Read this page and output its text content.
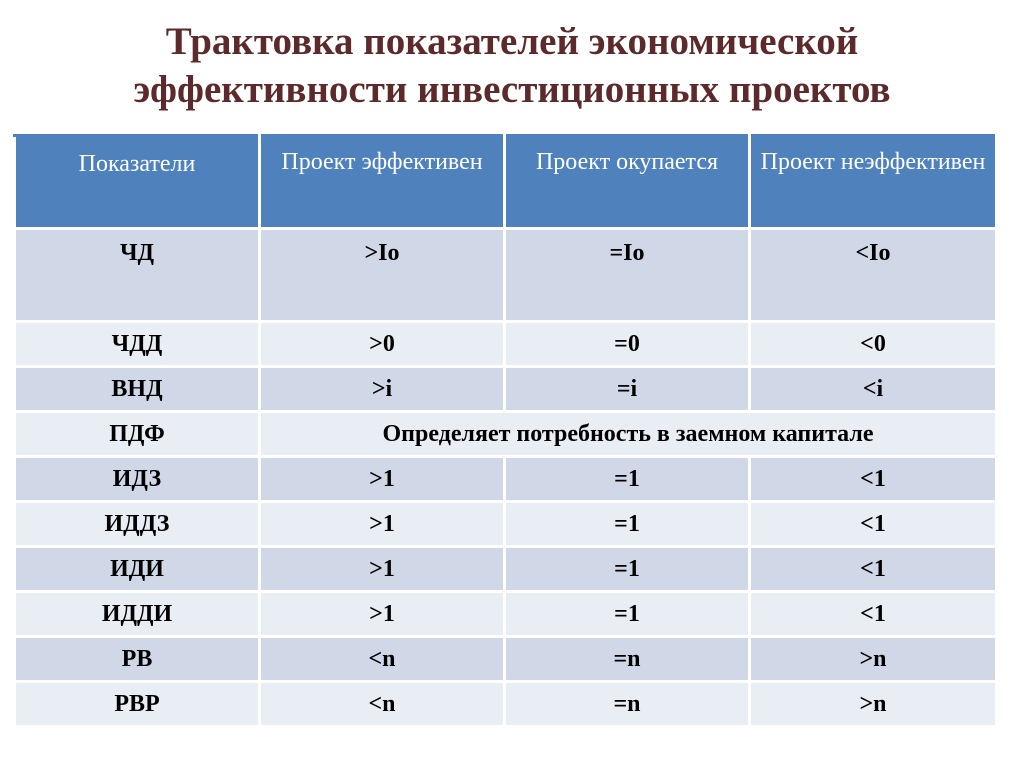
Трактовка показателей экономической
эффективности инвестиционных проектов
Показатели	Проект эффективен	Проект окупается	Проект неэффективен
ЧД	>Io	=Io	<Io
ЧДД	>0	=0	<0
ВНД	>i	=i	<i
ПДФ	Определяет потребность в заемном капитале		
ИДЗ	>1	=1	<1
ИДДЗ	>1	=1	<1
ИДИ	>1	=1	<1
ИДДИ	>1	=1	<1
РВ	<n	=n	>n
РВР	<n	=n	>n
